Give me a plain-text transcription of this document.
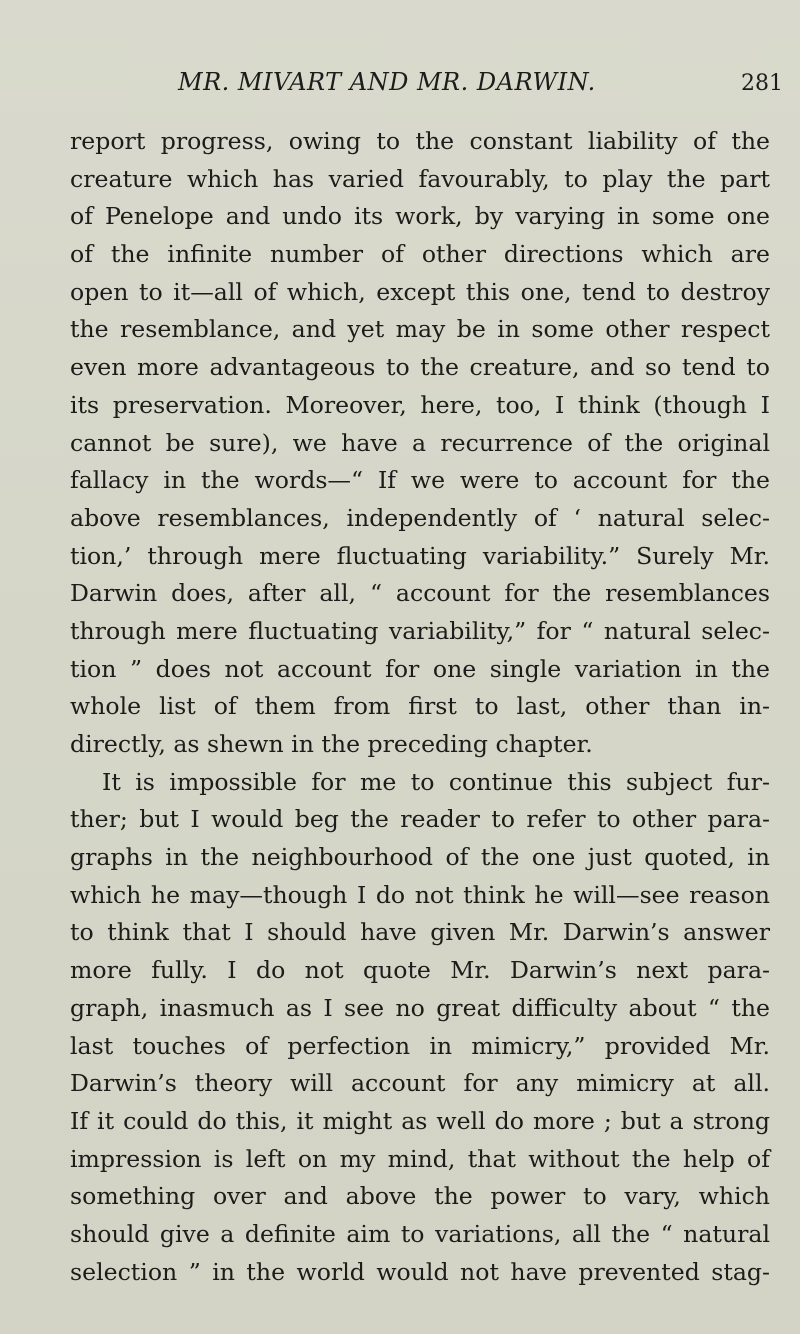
MR. MIVART AND MR. DARWIN.	281
report progress, owing to the constant liability of the
creature which has varied favourably, to play the part
of Penelope and undo its work, by varying in some one
of the infinite number of other directions which are
open to it—all of which, except this one, tend to destroy
the resemblance, and yet may be in some other respect
even more advantageous to the creature, and so tend to
its preservation. Moreover, here, too, I think (though I
cannot be sure), we have a recurrence of the original
fallacy in the words—“ If we were to account for the
above resemblances, independently of ‘ natural selec-
tion,’ through mere fluctuating variability.” Surely Mr.
Darwin does, after all, “ account for the resemblances
through mere fluctuating variability,” for “ natural selec-
tion ” does not account for one single variation in the
whole list of them from first to last, other than in-
directly, as shewn in the preceding chapter.
It is impossible for me to continue this subject fur-
ther; but I would beg the reader to refer to other para-
graphs in the neighbourhood of the one just quoted, in
which he may—though I do not think he will—see reason
to think that I should have given Mr. Darwin’s answer
more fully. I do not quote Mr. Darwin’s next para-
graph, inasmuch as I see no great difficulty about “ the
last touches of perfection in mimicry,” provided Mr.
Darwin’s theory will account for any mimicry at all.
If it could do this, it might as well do more ; but a strong
impression is left on my mind, that without the help of
something over and above the power to vary, which
should give a definite aim to variations, all the “ natural
selection ” in the world would not have prevented stag-
